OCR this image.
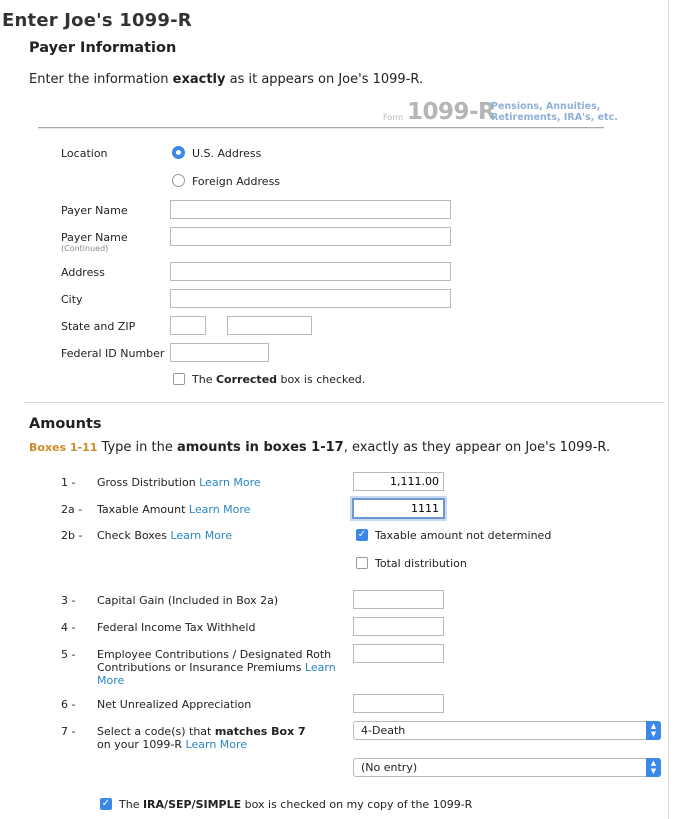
Enter Joe's 1099-R
Payer Information
Enter the information exactly as it appears on Joe's 1099-R.
Form 1099-R
Pensions, Annuities,
Retirements, IRA's, etc.
Location	U.S. Address
Foreign Address
Payer Name
Payer Name
(Continued)
Address
City
State and ZIP
Federal ID Number
The Corrected box is checked.
Amounts
Boxes 1-11 Type in the amounts in boxes 1-17, exactly as they appear on Joe's 1099-R.
1 - Gross Distribution Learn More
1,111.00
2a - Taxable Amount Learn More
1111
2b - Check Boxes Learn More	✓ Taxable amount not determined
Total distribution
3 - Capital Gain (Included in Box 2a)
4 - Federal Income Tax Withheld
5 - Employee Contributions / Designated Roth
Contributions or Insurance Premiums Learn More
6 - Net Unrealized Appreciation
7 - Select a code(s) that matches Box 7
on your 1099-R Learn More
4-Death	▲
▼
(No entry)	▲
▼
✓ The IRA/SEP/SIMPLE box is checked on my copy of the 1099-R
